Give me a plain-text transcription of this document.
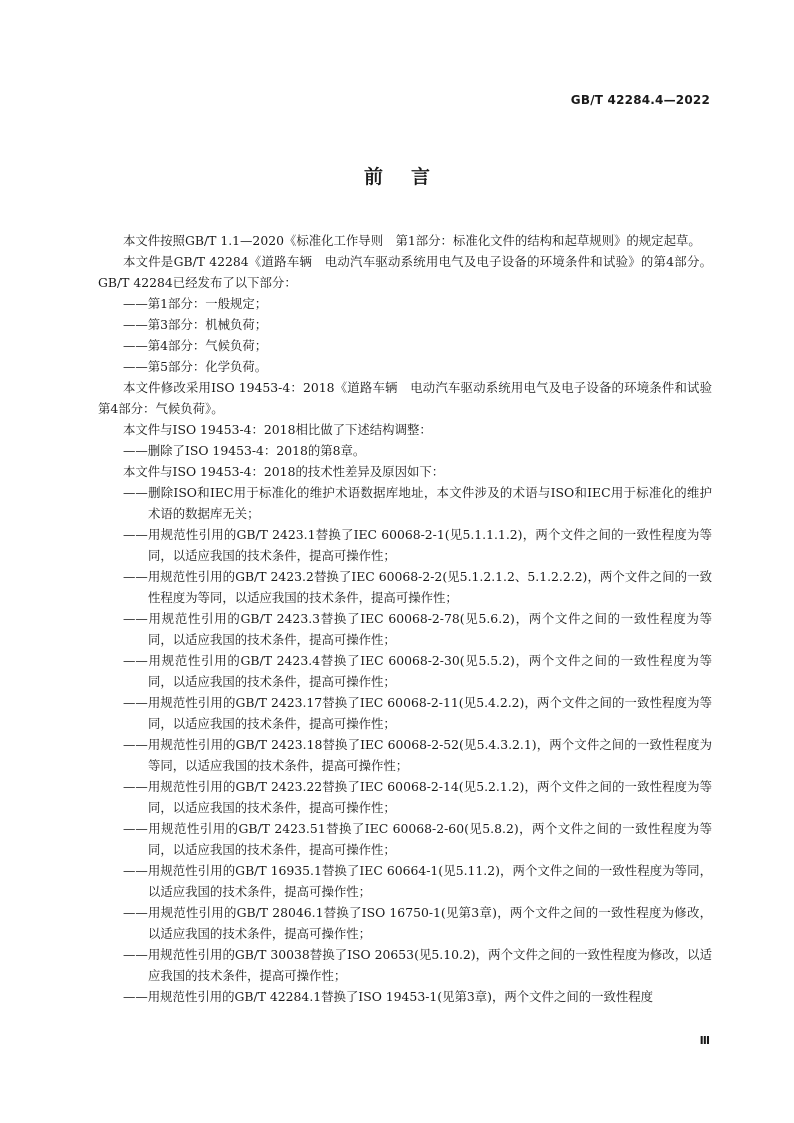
GB/T 42284.4—2022
前言

本文件按照GB/T 1.1—2020《标准化工作导则　第1部分：标准化文件的结构和起草规则》的规定起草。

本文件是GB/T 42284《道路车辆　电动汽车驱动系统用电气及电子设备的环境条件和试验》的第4部分。GB/T 42284已经发布了以下部分：

——第1部分：一般规定；

——第3部分：机械负荷；

——第4部分：气候负荷；

——第5部分：化学负荷。

本文件修改采用ISO 19453-4：2018《道路车辆　电动汽车驱动系统用电气及电子设备的环境条件和试验　第4部分：气候负荷》。

本文件与ISO 19453-4：2018相比做了下述结构调整：

——删除了ISO 19453-4：2018的第8章。

本文件与ISO 19453-4：2018的技术性差异及原因如下：

——删除ISO和IEC用于标准化的维护术语数据库地址，本文件涉及的术语与ISO和IEC用于标准化的维护术语的数据库无关；

——用规范性引用的GB/T 2423.1替换了IEC 60068-2-1(见5.1.1.1.2)，两个文件之间的一致性程度为等同，以适应我国的技术条件，提高可操作性；

——用规范性引用的GB/T 2423.2替换了IEC 60068-2-2(见5.1.2.1.2、5.1.2.2.2)，两个文件之间的一致性程度为等同，以适应我国的技术条件，提高可操作性；

——用规范性引用的GB/T 2423.3替换了IEC 60068-2-78(见5.6.2)，两个文件之间的一致性程度为等同，以适应我国的技术条件，提高可操作性；

——用规范性引用的GB/T 2423.4替换了IEC 60068-2-30(见5.5.2)，两个文件之间的一致性程度为等同，以适应我国的技术条件，提高可操作性；

——用规范性引用的GB/T 2423.17替换了IEC 60068-2-11(见5.4.2.2)，两个文件之间的一致性程度为等同，以适应我国的技术条件，提高可操作性；

——用规范性引用的GB/T 2423.18替换了IEC 60068-2-52(见5.4.3.2.1)，两个文件之间的一致性程度为等同，以适应我国的技术条件，提高可操作性；

——用规范性引用的GB/T 2423.22替换了IEC 60068-2-14(见5.2.1.2)，两个文件之间的一致性程度为等同，以适应我国的技术条件，提高可操作性；

——用规范性引用的GB/T 2423.51替换了IEC 60068-2-60(见5.8.2)，两个文件之间的一致性程度为等同，以适应我国的技术条件，提高可操作性；

——用规范性引用的GB/T 16935.1替换了IEC 60664-1(见5.11.2)，两个文件之间的一致性程度为等同，以适应我国的技术条件，提高可操作性；

——用规范性引用的GB/T 28046.1替换了ISO 16750-1(见第3章)，两个文件之间的一致性程度为修改，以适应我国的技术条件，提高可操作性；

——用规范性引用的GB/T 30038替换了ISO 20653(见5.10.2)，两个文件之间的一致性程度为修改，以适应我国的技术条件，提高可操作性；

——用规范性引用的GB/T 42284.1替换了ISO 19453-1(见第3章)，两个文件之间的一致性程度

Ⅲ
